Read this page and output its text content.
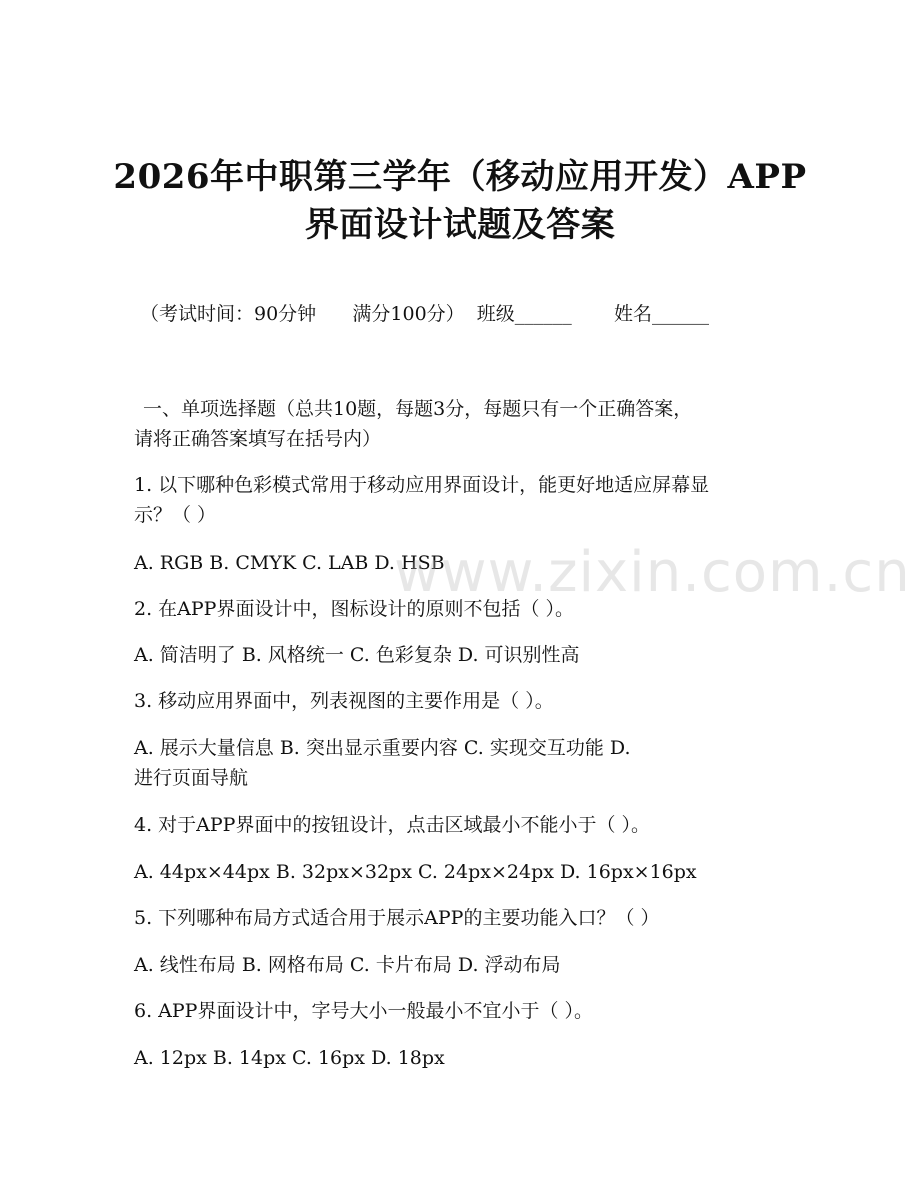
2026年中职第三学年（移动应用开发）APP
界面设计试题及答案
（考试时间：90分钟      满分100分）  班级______       姓名______
一、单项选择题（总共10题，每题3分，每题只有一个正确答案，
请将正确答案填写在括号内）
1. 以下哪种色彩模式常用于移动应用界面设计，能更好地适应屏幕显
示？（ ）
A. RGB B. CMYK C. LAB D. HSB
2. 在APP界面设计中，图标设计的原则不包括（ ）。
A. 简洁明了 B. 风格统一 C. 色彩复杂 D. 可识别性高
3. 移动应用界面中，列表视图的主要作用是（ ）。
A. 展示大量信息 B. 突出显示重要内容 C. 实现交互功能 D.
进行页面导航
4. 对于APP界面中的按钮设计，点击区域最小不能小于（ ）。
A. 44px×44px B. 32px×32px C. 24px×24px D. 16px×16px
5. 下列哪种布局方式适合用于展示APP的主要功能入口？（ ）
A. 线性布局 B. 网格布局 C. 卡片布局 D. 浮动布局
6. APP界面设计中，字号大小一般最小不宜小于（ ）。
A. 12px B. 14px C. 16px D. 18px
www.zixin.com.cn
